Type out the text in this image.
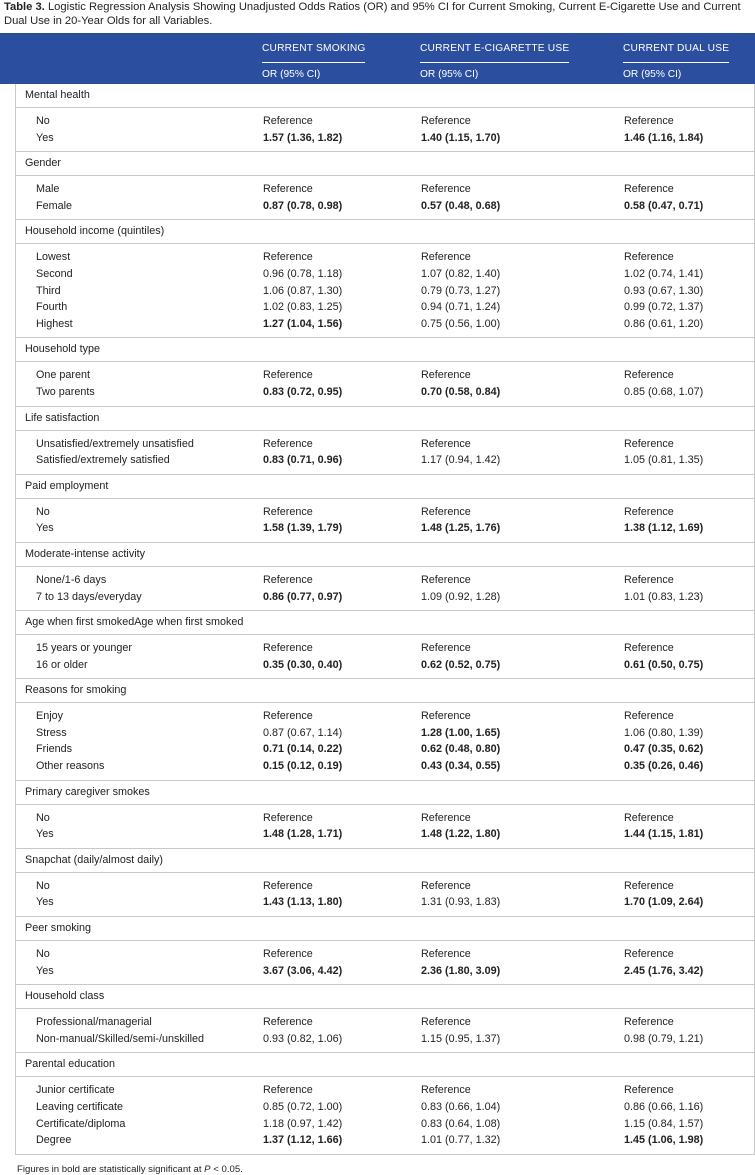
Table 3. Logistic Regression Analysis Showing Unadjusted Odds Ratios (OR) and 95% CI for Current Smoking, Current E-Cigarette Use and Current Dual Use in 20-Year Olds for all Variables.
CURRENT SMOKING	CURRENT E-CIGARETTE USE	CURRENT DUAL USE
OR (95% CI)	OR (95% CI)	OR (95% CI)
Mental health
No	Reference	Reference	Reference
Yes	1.57 (1.36, 1.82)	1.40 (1.15, 1.70)	1.46 (1.16, 1.84)
Gender
Male	Reference	Reference	Reference
Female	0.87 (0.78, 0.98)	0.57 (0.48, 0.68)	0.58 (0.47, 0.71)
Household income (quintiles)
Lowest	Reference	Reference	Reference
Second	0.96 (0.78, 1.18)	1.07 (0.82, 1.40)	1.02 (0.74, 1.41)
Third	1.06 (0.87, 1.30)	0.79 (0.73, 1.27)	0.93 (0.67, 1.30)
Fourth	1.02 (0.83, 1.25)	0.94 (0.71, 1.24)	0.99 (0.72, 1.37)
Highest	1.27 (1.04, 1.56)	0.75 (0.56, 1.00)	0.86 (0.61, 1.20)
Household type
One parent	Reference	Reference	Reference
Two parents	0.83 (0.72, 0.95)	0.70 (0.58, 0.84)	0.85 (0.68, 1.07)
Life satisfaction
Unsatisfied/extremely unsatisfied	Reference	Reference	Reference
Satisfied/extremely satisfied	0.83 (0.71, 0.96)	1.17 (0.94, 1.42)	1.05 (0.81, 1.35)
Paid employment
No	Reference	Reference	Reference
Yes	1.58 (1.39, 1.79)	1.48 (1.25, 1.76)	1.38 (1.12, 1.69)
Moderate-intense activity
None/1-6 days	Reference	Reference	Reference
7 to 13 days/everyday	0.86 (0.77, 0.97)	1.09 (0.92, 1.28)	1.01 (0.83, 1.23)
Age when first smokedAge when first smoked
15 years or younger	Reference	Reference	Reference
16 or older	0.35 (0.30, 0.40)	0.62 (0.52, 0.75)	0.61 (0.50, 0.75)
Reasons for smoking
Enjoy	Reference	Reference	Reference
Stress	0.87 (0.67, 1.14)	1.28 (1.00, 1.65)	1.06 (0.80, 1.39)
Friends	0.71 (0.14, 0.22)	0.62 (0.48, 0.80)	0.47 (0.35, 0.62)
Other reasons	0.15 (0.12, 0.19)	0.43 (0.34, 0.55)	0.35 (0.26, 0.46)
Primary caregiver smokes
No	Reference	Reference	Reference
Yes	1.48 (1.28, 1.71)	1.48 (1.22, 1.80)	1.44 (1.15, 1.81)
Snapchat (daily/almost daily)
No	Reference	Reference	Reference
Yes	1.43 (1.13, 1.80)	1.31 (0.93, 1.83)	1.70 (1.09, 2.64)
Peer smoking
No	Reference	Reference	Reference
Yes	3.67 (3.06, 4.42)	2.36 (1.80, 3.09)	2.45 (1.76, 3.42)
Household class
Professional/managerial	Reference	Reference	Reference
Non-manual/Skilled/semi-/unskilled	0.93 (0.82, 1.06)	1.15 (0.95, 1.37)	0.98 (0.79, 1.21)
Parental education
Junior certificate	Reference	Reference	Reference
Leaving certificate	0.85 (0.72, 1.00)	0.83 (0.66, 1.04)	0.86 (0.66, 1.16)
Certificate/diploma	1.18 (0.97, 1.42)	0.83 (0.64, 1.08)	1.15 (0.84, 1.57)
Degree	1.37 (1.12, 1.66)	1.01 (0.77, 1.32)	1.45 (1.06, 1.98)
Figures in bold are statistically significant at P < 0.05.
